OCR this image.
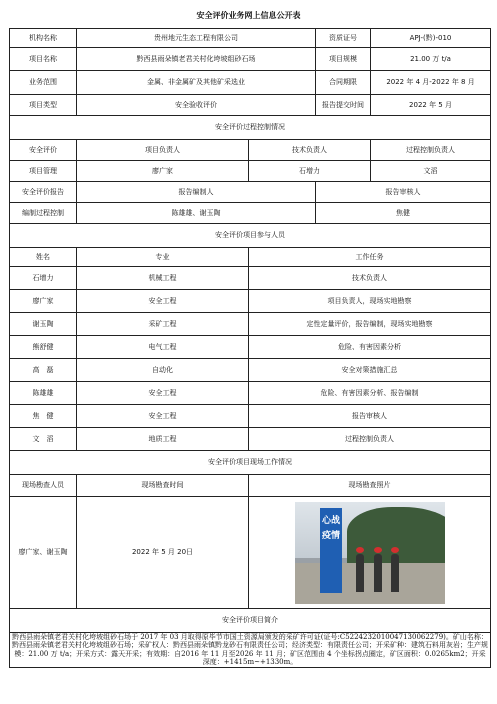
安全评价业务网上信息公开表
机构名称	贵州地元生态工程有限公司		资质证号	APJ-(黔)-010
项目名称	黔西县雨朵镇老君关村化垮坡组砂石场		项目规模	21.00 万 t/a
业务范围	金属、非金属矿及其他矿采选业		合同期限	2022 年 4 月-2022 年 8 月
项目类型	安全验收评价		报告提交时间	2022 年 5 月
安全评价过程控制情况				
安全评价	项目负责人	技术负责人		过程控制负责人
项目管理	廖广家	石增力		文滔
安全评价报告	报告编制人		报告审核人	
编制过程控制	陈雄雄、谢玉陶		焦健	
安全评价项目参与人员				
姓名	专业	工作任务		
石增力	机械工程	技术负责人		
廖广家	安全工程	项目负责人，现场实地勘察		
谢玉陶	采矿工程	定性定量评价，报告编制，现场实地勘察		
熊舒健	电气工程	危险、有害因素分析		
高　磊	自动化	安全对策措施汇总		
陈雄雄	安全工程	危险、有害因素分析、报告编制		
焦　健	安全工程	报告审核人		
文　滔	地质工程	过程控制负责人		
安全评价项目现场工作情况				
现场勘查人员	现场勘查时间	现场勘查照片		
廖广家、谢玉陶	2022 年 5 月 20日	心战疫情		

安全评价项目简介				
黔西县雨朵镇老君关村化垮坡组砂石场于 2017 年 03 月取得原毕节市国土资源局颁发的采矿许可证(证号:C5224232010047130062279)。矿山名称：黔西县雨朵镇老君关村化垮坡组砂石场；采矿权人：黔西县雨朵镇黔龙砂石有限责任公司；经济类型：有限责任公司；开采矿种：建筑石料用灰岩；生产规模：21.00 万 t/a；开采方式：露天开采；有效期：自2016 年 11 月至2026 年 11 月；矿区范围由 4 个坐标拐点圈定，矿区面积：0.0265km2；开采深度：+1415m~+1330m。				
